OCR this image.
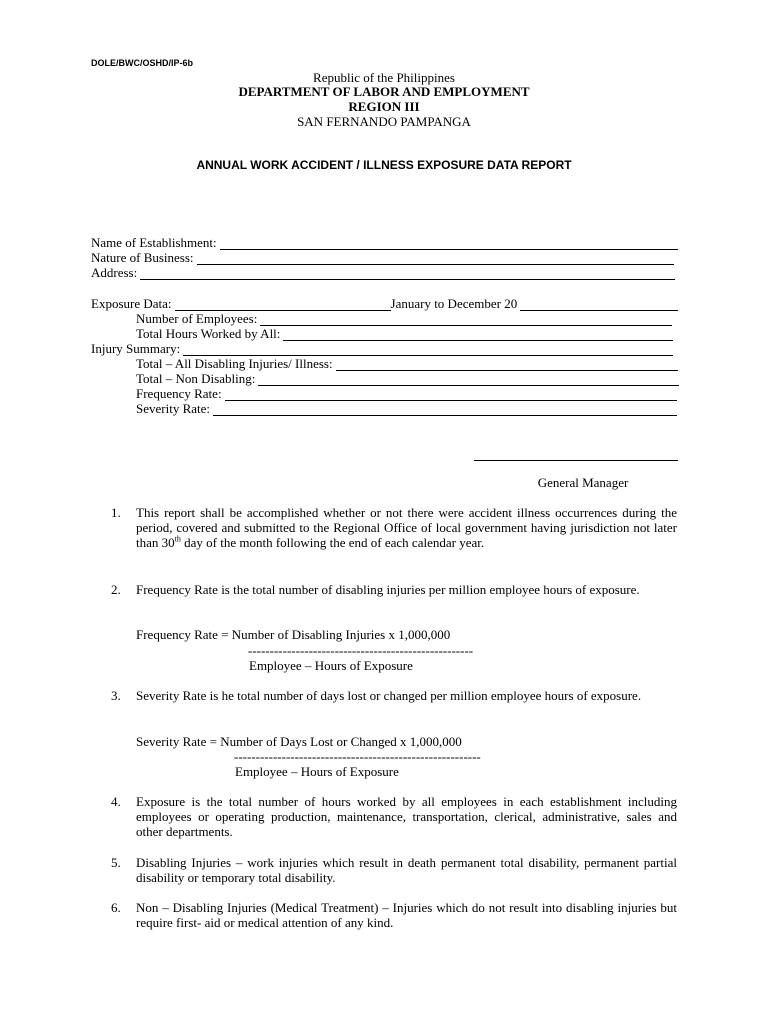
DOLE/BWC/OSHD/IP-6b
Republic of the Philippines
DEPARTMENT OF LABOR AND EMPLOYMENT
REGION III
SAN FERNANDO PAMPANGA
ANNUAL WORK ACCIDENT / ILLNESS EXPOSURE DATA REPORT
Name of Establishment:
Nature of Business:
Address:
Exposure Data:	January to December 20
Number of Employees:
Total Hours Worked by All:
Injury Summary:
Total – All Disabling Injuries/ Illness:
Total – Non Disabling:
Frequency Rate:
Severity Rate:
General Manager
1. This report shall be accomplished whether or not there were accident illness occurrences during the period, covered and submitted to the Regional Office of local government having jurisdiction not later than 30th day of the month following the end of each calendar year.
2. Frequency Rate is the total number of disabling injuries per million employee hours of exposure.
Frequency Rate = Number of Disabling Injuries x 1,000,000
----------------------------------------------------
Employee – Hours of Exposure
3. Severity Rate is he total number of days lost or changed per million employee hours of exposure.
Severity Rate = Number of Days Lost or Changed x 1,000,000
---------------------------------------------------------
Employee – Hours of Exposure
4. Exposure is the total number of hours worked by all employees in each establishment including employees or operating production, maintenance, transportation, clerical, administrative, sales and other departments.
5. Disabling Injuries – work injuries which result in death permanent total disability, permanent partial disability or temporary total disability.
6. Non – Disabling Injuries (Medical Treatment) – Injuries which do not result into disabling injuries but require first- aid or medical attention of any kind.
